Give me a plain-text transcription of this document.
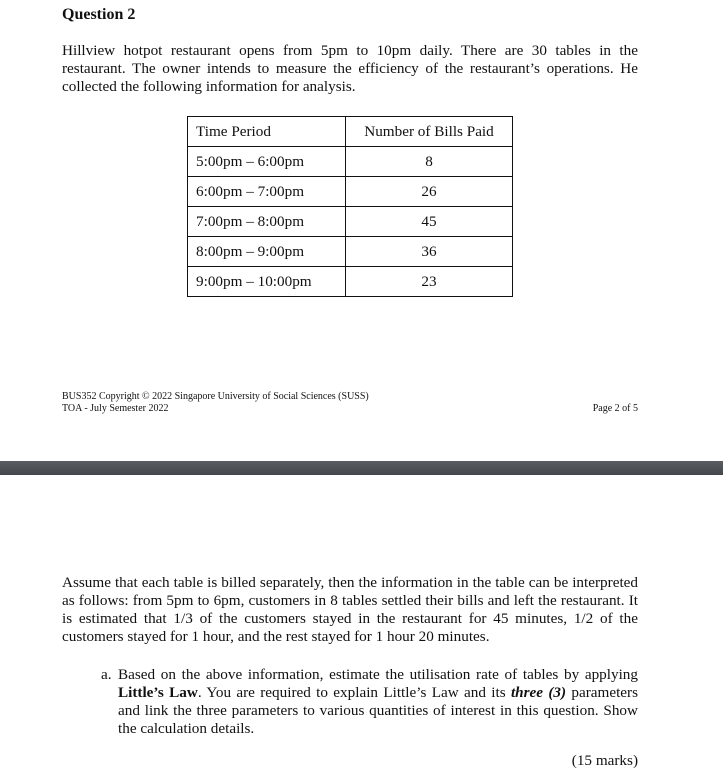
Question 2
Hillview hotpot restaurant opens from 5pm to 10pm daily. There are 30 tables in the restaurant. The owner intends to measure the efficiency of the restaurant’s operations. He collected the following information for analysis.
Time Period	Number of Bills Paid
5:00pm – 6:00pm	8
6:00pm – 7:00pm	26
7:00pm – 8:00pm	45
8:00pm – 9:00pm	36
9:00pm – 10:00pm	23
BUS352 Copyright © 2022 Singapore University of Social Sciences (SUSS)
TOA - July Semester 2022	Page 2 of 5
Assume that each table is billed separately, then the information in the table can be interpreted as follows: from 5pm to 6pm, customers in 8 tables settled their bills and left the restaurant. It is estimated that 1/3 of the customers stayed in the restaurant for 45 minutes, 1/2 of the customers stayed for 1 hour, and the rest stayed for 1 hour 20 minutes.
a. Based on the above information, estimate the utilisation rate of tables by applying Little’s Law. You are required to explain Little’s Law and its three (3) parameters and link the three parameters to various quantities of interest in this question. Show the calculation details.
(15 marks)
